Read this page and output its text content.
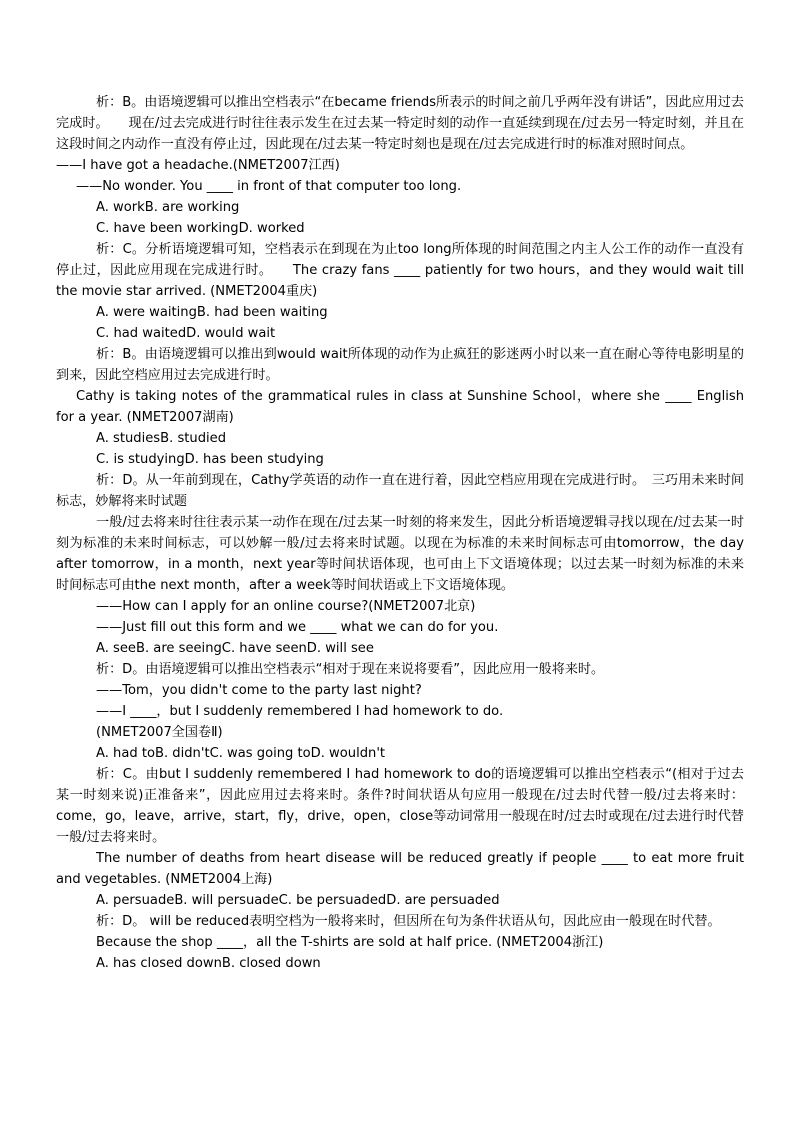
析：B。由语境逻辑可以推出空档表示“在became friends所表示的时间之前几乎两年没有讲话”，因此应用过去完成时。　　现在/过去完成进行时往往表示发生在过去某一特定时刻的动作一直延续到现在/过去另一特定时刻，并且在这段时间之内动作一直没有停止过，因此现在/过去某一特定时刻也是现在/过去完成进行时的标准对照时间点。

——I have got a headache.(NMET2007江西)

——No wonder. You ____ in front of that computer too long.

A. workB. are working

C. have been workingD. worked

析：C。分析语境逻辑可知，空档表示在到现在为止too long所体现的时间范围之内主人公工作的动作一直没有停止过，因此应用现在完成进行时。　　The crazy fans ____ patiently for two hours，and they would wait till the movie star arrived. (NMET2004重庆)

A. were waitingB. had been waiting

C. had waitedD. would wait

析：B。由语境逻辑可以推出到would wait所体现的动作为止疯狂的影迷两小时以来一直在耐心等待电影明星的到来，因此空档应用过去完成进行时。

Cathy is taking notes of the grammatical rules in class at Sunshine School，where she ____ English for a year. (NMET2007湖南)

A. studiesB. studied

C. is studyingD. has been studying

析：D。从一年前到现在，Cathy学英语的动作一直在进行着，因此空档应用现在完成进行时。　三巧用未来时间标志，妙解将来时试题

一般/过去将来时往往表示某一动作在现在/过去某一时刻的将来发生，因此分析语境逻辑寻找以现在/过去某一时刻为标准的未来时间标志，可以妙解一般/过去将来时试题。以现在为标准的未来时间标志可由tomorrow，the day after tomorrow，in a month，next year等时间状语体现，也可由上下文语境体现；以过去某一时刻为标准的未来时间标志可由the next month，after a week等时间状语或上下文语境体现。

——How can I apply for an online course?(NMET2007北京)

——Just fill out this form and we ____ what we can do for you.

A. seeB. are seeingC. have seenD. will see

析：D。由语境逻辑可以推出空档表示“相对于现在来说将要看”，因此应用一般将来时。

——Tom，you didn't come to the party last night?

——I ____，but I suddenly remembered I had homework to do.

(NMET2007全国卷Ⅱ)

A. had toB. didn'tC. was going toD. wouldn't

析：C。由but I suddenly remembered I had homework to do的语境逻辑可以推出空档表示“(相对于过去某一时刻来说)正准备来”，因此应用过去将来时。条件?时间状语从句应用一般现在/过去时代替一般/过去将来时：come，go，leave，arrive，start，fly，drive，open，close等动词常用一般现在时/过去时或现在/过去进行时代替一般/过去将来时。

The number of deaths from heart disease will be reduced greatly if people ____ to eat more fruit and vegetables. (NMET2004上海)

A. persuadeB. will persuadeC. be persuadedD. are persuaded

析：D。 will be reduced表明空档为一般将来时，但因所在句为条件状语从句，因此应由一般现在时代替。

Because the shop ____，all the T-shirts are sold at half price. (NMET2004浙江)

A. has closed downB. closed down
